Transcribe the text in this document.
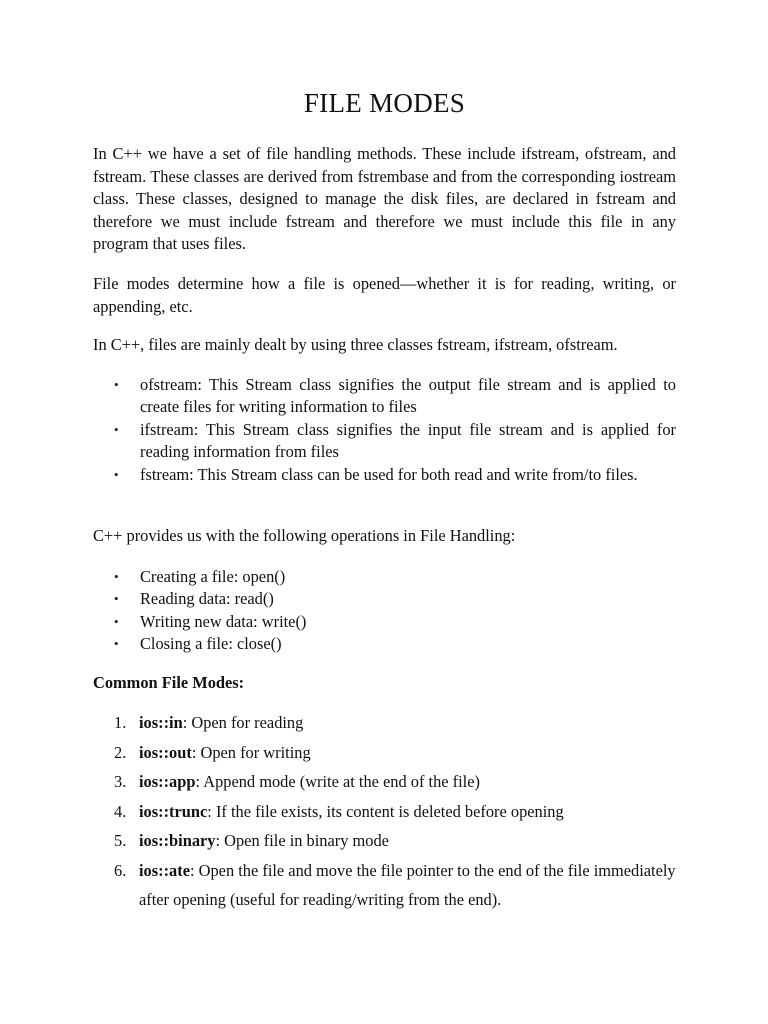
FILE MODES

In C++ we have a set of file handling methods. These include ifstream, ofstream, and fstream. These classes are derived from fstrembase and from the corresponding iostream class. These classes, designed to manage the disk files, are declared in fstream and therefore we must include fstream and therefore we must include this file in any program that uses files.

File modes determine how a file is opened—whether it is for reading, writing, or appending, etc.

In C++, files are mainly dealt by using three classes fstream, ifstream, ofstream.

• ofstream: This Stream class signifies the output file stream and is applied to create files for writing information to files
• ifstream: This Stream class signifies the input file stream and is applied for reading information from files
• fstream: This Stream class can be used for both read and write from/to files.

C++ provides us with the following operations in File Handling:

• Creating a file: open()
• Reading data: read()
• Writing new data: write()
• Closing a file: close()

Common File Modes:

1. ios::in: Open for reading
2. ios::out: Open for writing
3. ios::app: Append mode (write at the end of the file)
4. ios::trunc: If the file exists, its content is deleted before opening
5. ios::binary: Open file in binary mode
6. ios::ate: Open the file and move the file pointer to the end of the file immediately after opening (useful for reading/writing from the end).
